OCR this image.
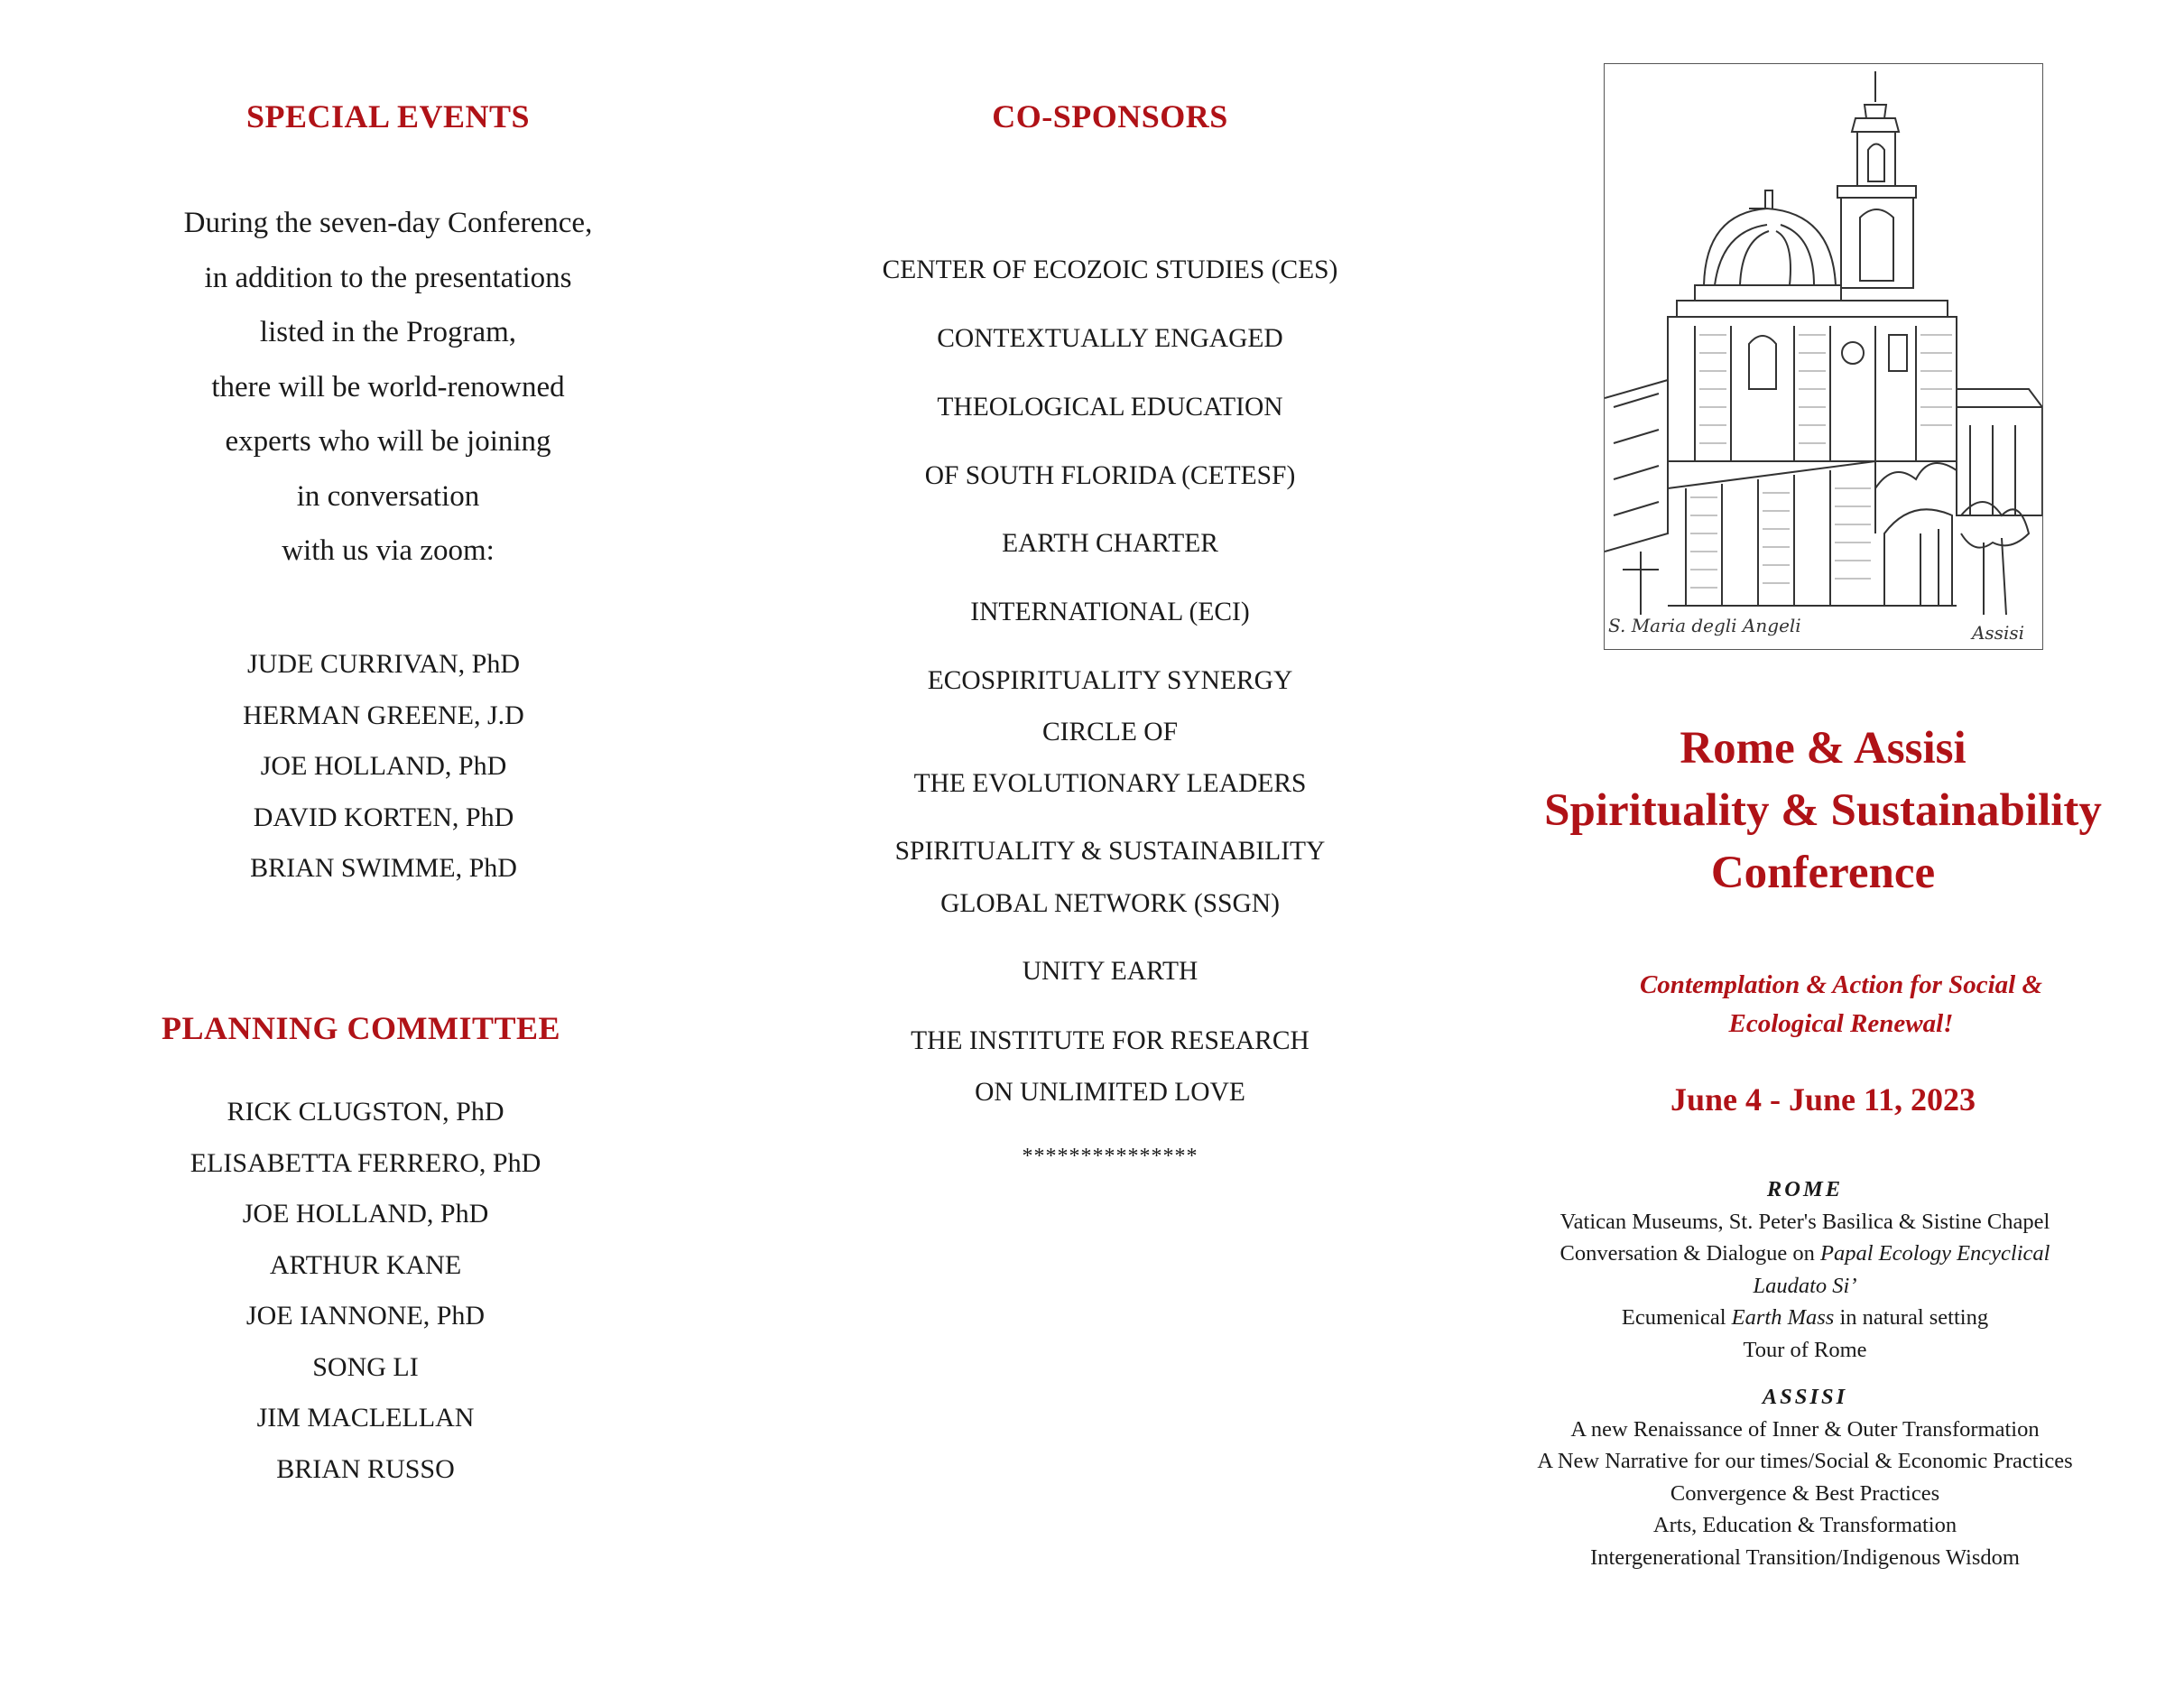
SPECIAL EVENTS
During the seven-day Conference,
in addition to the presentations
listed in the Program,
there will be world-renowned
experts who will be joining
in conversation
with us via zoom:
JUDE CURRIVAN, PhD
HERMAN GREENE, J.D
JOE HOLLAND, PhD
DAVID KORTEN, PhD
BRIAN SWIMME, PhD
PLANNING COMMITTEE
RICK CLUGSTON, PhD
ELISABETTA FERRERO, PhD
JOE HOLLAND, PhD
ARTHUR KANE
JOE IANNONE, PhD
SONG LI
JIM MACLELLAN
BRIAN RUSSO
CO-SPONSORS
CENTER OF ECOZOIC STUDIES (CES)
CONTEXTUALLY ENGAGED
THEOLOGICAL EDUCATION
OF SOUTH FLORIDA (CETESF)
EARTH CHARTER
INTERNATIONAL (ECI)
ECOSPIRITUALITY SYNERGY
CIRCLE OF
THE EVOLUTIONARY LEADERS
SPIRITUALITY & SUSTAINABILITY
GLOBAL NETWORK (SSGN)
UNITY EARTH
THE INSTITUTE FOR RESEARCH
ON UNLIMITED LOVE
***************
S. Maria degli Angeli	Assisi
Rome & Assisi
Spirituality & Sustainability
Conference
Contemplation & Action for Social &
Ecological Renewal!
June 4 - June 11, 2023
ROME
Vatican Museums, St. Peter's Basilica & Sistine Chapel
Conversation & Dialogue on Papal Ecology Encyclical
Laudato Si’
Ecumenical Earth Mass in natural setting
Tour of Rome
ASSISI
A new Renaissance of Inner & Outer Transformation
A New Narrative for our times/Social & Economic Practices
Convergence & Best Practices
Arts, Education & Transformation
Intergenerational Transition/Indigenous Wisdom
